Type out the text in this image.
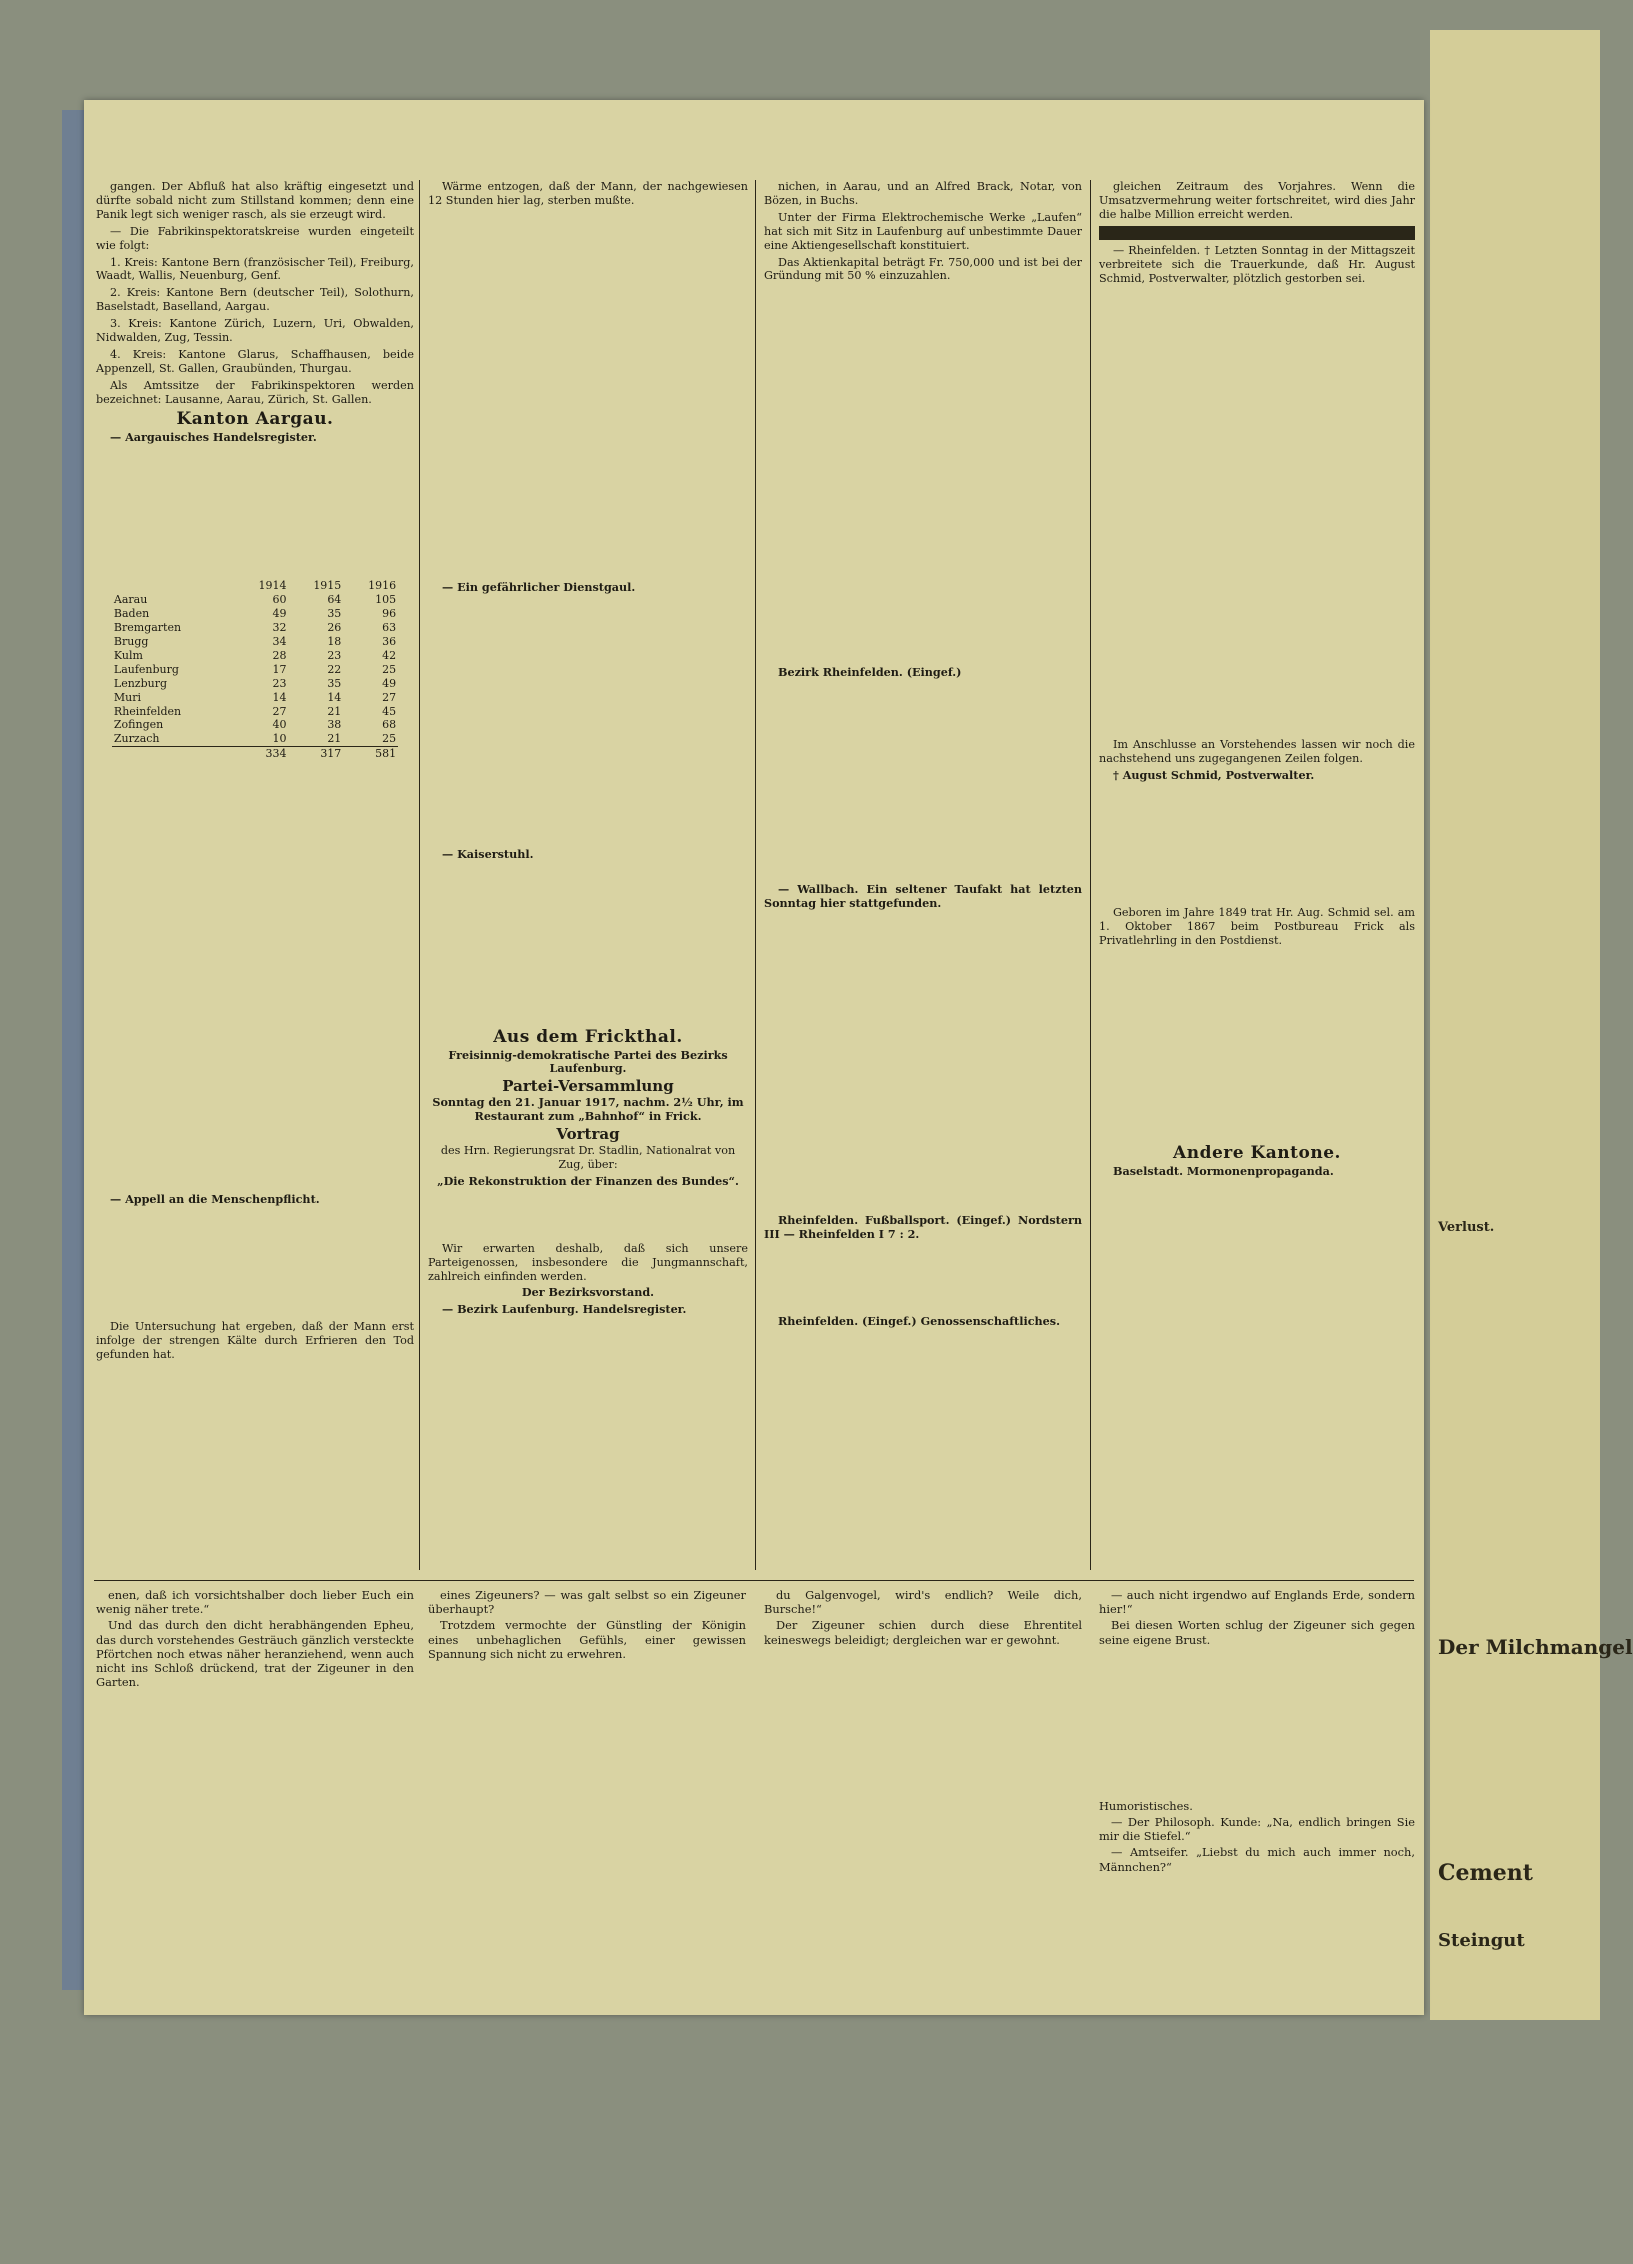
Verlust.
Der Milchmangel
Cement
Steingut

gangen. Der Abfluß hat also kräftig eingesetzt und dürfte sobald nicht zum Stillstand kommen; denn eine Panik legt sich weniger rasch, als sie erzeugt wird.

— Die Fabrikinspektoratskreise wurden eingeteilt wie folgt:

1. Kreis: Kantone Bern (französischer Teil), Freiburg, Waadt, Wallis, Neuenburg, Genf.

2. Kreis: Kantone Bern (deutscher Teil), Solothurn, Baselstadt, Baselland, Aargau.

3. Kreis: Kantone Zürich, Luzern, Uri, Obwalden, Nidwalden, Zug, Tessin.

4. Kreis: Kantone Glarus, Schaffhausen, beide Appenzell, St. Gallen, Graubünden, Thurgau.

Als Amtssitze der Fabrikinspektoren werden bezeichnet: Lausanne, Aarau, Zürich, St. Gallen.

Kanton Aargau.

— Aargauisches Handelsregister.

	1914	1915	1916
Aarau	60	64	105
Baden	49	35	96
Bremgarten	32	26	63
Brugg	34	18	36
Kulm	28	23	42
Laufenburg	17	22	25
Lenzburg	23	35	49
Muri	14	14	27
Rheinfelden	27	21	45
Zofingen	40	38	68
Zurzach	10	21	25
	334	317	581

— Appell an die Menschenpflicht.

Die Untersuchung hat ergeben, daß der Mann erst infolge der strengen Kälte durch Erfrieren den Tod gefunden hat.

Wärme entzogen, daß der Mann, der nachgewiesen 12 Stunden hier lag, sterben mußte.

— Ein gefährlicher Dienstgaul.

— Kaiserstuhl.

Aus dem Frickthal.

Freisinnig-demokratische Partei des Bezirks Laufenburg.

Partei-Versammlung

Sonntag den 21. Januar 1917, nachm. 2½ Uhr, im Restaurant zum „Bahnhof“ in Frick.

Vortrag

des Hrn. Regierungsrat Dr. Stadlin, Nationalrat von Zug, über:

„Die Rekonstruktion der Finanzen des Bundes“.

Wir erwarten deshalb, daß sich unsere Parteigenossen, insbesondere die Jungmannschaft, zahlreich einfinden werden.

Der Bezirksvorstand.

— Bezirk Laufenburg. Handelsregister.

nichen, in Aarau, und an Alfred Brack, Notar, von Bözen, in Buchs.

Unter der Firma Elektrochemische Werke „Laufen“ hat sich mit Sitz in Laufenburg auf unbestimmte Dauer eine Aktiengesellschaft konstituiert.

Das Aktienkapital beträgt Fr. 750,000 und ist bei der Gründung mit 50 % einzuzahlen.

Bezirk Rheinfelden. (Eingef.)

— Wallbach. Ein seltener Taufakt hat letzten Sonntag hier stattgefunden.

Rheinfelden. Fußballsport. (Eingef.) Nordstern III — Rheinfelden I 7 : 2.

Rheinfelden. (Eingef.) Genossenschaftliches.

gleichen Zeitraum des Vorjahres. Wenn die Umsatzvermehrung weiter fortschreitet, wird dies Jahr die halbe Million erreicht werden.

— Rheinfelden. † Letzten Sonntag in der Mittagszeit verbreitete sich die Trauerkunde, daß Hr. August Schmid, Postverwalter, plötzlich gestorben sei.

Im Anschlusse an Vorstehendes lassen wir noch die nachstehend uns zugegangenen Zeilen folgen.

† August Schmid, Postverwalter.

Geboren im Jahre 1849 trat Hr. Aug. Schmid sel. am 1. Oktober 1867 beim Postbureau Frick als Privatlehrling in den Postdienst.

Andere Kantone.

Baselstadt. Mormonenpropaganda.

enen, daß ich vorsichtshalber doch lieber Euch ein wenig näher trete.“

Und das durch den dicht herabhängenden Epheu, das durch vorstehendes Gesträuch gänzlich versteckte Pförtchen noch etwas näher heranziehend, wenn auch nicht ins Schloß drückend, trat der Zigeuner in den Garten.

eines Zigeuners? — was galt selbst so ein Zigeuner überhaupt?

Trotzdem vermochte der Günstling der Königin eines unbehaglichen Gefühls, einer gewissen Spannung sich nicht zu erwehren.

du Galgenvogel, wird's endlich? Weile dich, Bursche!“

Der Zigeuner schien durch diese Ehrentitel keineswegs beleidigt; dergleichen war er gewohnt.

— auch nicht irgendwo auf Englands Erde, sondern hier!“

Bei diesen Worten schlug der Zigeuner sich gegen seine eigene Brust.

Humoristisches.

— Der Philosoph. Kunde: „Na, endlich bringen Sie mir die Stiefel.“

— Amtseifer. „Liebst du mich auch immer noch, Männchen?“
